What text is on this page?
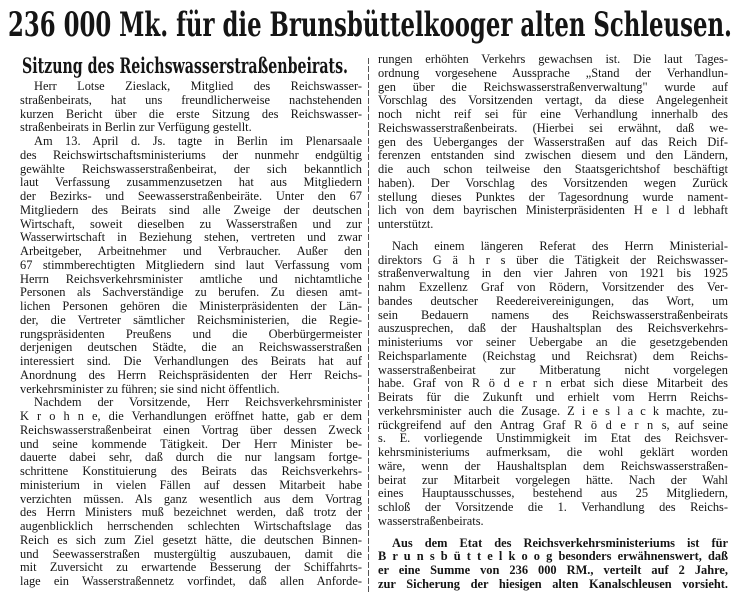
236 000 Mk. für die Brunsbüttelkooger alten Schleusen.
Sitzung des Reichswasserstraßenbeirats.
Herr Lotse Zieslack, Mitglied des Reichswasser-
straßenbeirats, hat uns freundlicherweise nachstehenden
kurzen Bericht über die erste Sitzung des Reichswasser-
straßenbeirats in Berlin zur Verfügung gestellt.
Am 13. April d. Js. tagte in Berlin im Plenarsaale
des Reichswirtschaftsministeriums der nunmehr endgültig
gewählte Reichswasserstraßenbeirat, der sich bekanntlich
laut Verfassung zusammenzusetzen hat aus Mitgliedern
der Bezirks- und Seewasserstraßenbeiräte. Unter den 67
Mitgliedern des Beirats sind alle Zweige der deutschen
Wirtschaft, soweit dieselben zu Wasserstraßen und zur
Wasserwirtschaft in Beziehung stehen, vertreten und zwar
Arbeitgeber, Arbeitnehmer und Verbraucher. Außer den
67 stimmberechtigten Mitgliedern sind laut Verfassung vom
Herrn Reichsverkehrsminister amtliche und nichtamtliche
Personen als Sachverständige zu berufen. Zu diesen amt-
lichen Personen gehören die Ministerpräsidenten der Län-
der, die Vertreter sämtlicher Reichsministerien, die Regie-
rungspräsidenten Preußens und die Oberbürgermeister
derjenigen deutschen Städte, die an Reichswasserstraßen
interessiert sind. Die Verhandlungen des Beirats hat auf
Anordnung des Herrn Reichspräsidenten der Herr Reichs-
verkehrsminister zu führen; sie sind nicht öffentlich.
Nachdem der Vorsitzende, Herr Reichsverkehrsminister
K r o h n e, die Verhandlungen eröffnet hatte, gab er dem
Reichswasserstraßenbeirat einen Vortrag über dessen Zweck
und seine kommende Tätigkeit. Der Herr Minister be-
dauerte dabei sehr, daß durch die nur langsam fortge-
schrittene Konstituierung des Beirats das Reichsverkehrs-
ministerium in vielen Fällen auf dessen Mitarbeit habe
verzichten müssen. Als ganz wesentlich aus dem Vortrag
des Herrn Ministers muß bezeichnet werden, daß trotz der
augenblicklich herrschenden schlechten Wirtschaftslage das
Reich es sich zum Ziel gesetzt hätte, die deutschen Binnen-
und Seewasserstraßen mustergültig auszubauen, damit die
mit Zuversicht zu erwartende Besserung der Schiffahrts-
lage ein Wasserstraßennetz vorfindet, daß allen Anforde-
rungen erhöhten Verkehrs gewachsen ist. Die laut Tages-
ordnung vorgesehene Aussprache „Stand der Verhandlun-
gen über die Reichswasserstraßenverwaltung" wurde auf
Vorschlag des Vorsitzenden vertagt, da diese Angelegenheit
noch nicht reif sei für eine Verhandlung innerhalb des
Reichswasserstraßenbeirats. (Hierbei sei erwähnt, daß we-
gen des Ueberganges der Wasserstraßen auf das Reich Dif-
ferenzen entstanden sind zwischen diesem und den Ländern,
die auch schon teilweise den Staatsgerichtshof beschäftigt
haben). Der Vorschlag des Vorsitzenden wegen Zurück
stellung dieses Punktes der Tagesordnung wurde nament-
lich von dem bayrischen Ministerpräsidenten H e l d lebhaft
unterstützt.
Nach einem längeren Referat des Herrn Ministerial-
direktors G ä h r s über die Tätigkeit der Reichswasser-
straßenverwaltung in den vier Jahren von 1921 bis 1925
nahm Exzellenz Graf von Rödern, Vorsitzender des Ver-
bandes deutscher Reedereivereinigungen, das Wort, um
sein Bedauern namens des Reichswasserstraßenbeirats
auszusprechen, daß der Haushaltsplan des Reichsverkehrs-
ministeriums vor seiner Uebergabe an die gesetzgebenden
Reichsparlamente (Reichstag und Reichsrat) dem Reichs-
wasserstraßenbeirat zur Mitberatung nicht vorgelegen
habe. Graf von R ö d e r n erbat sich diese Mitarbeit des
Beirats für die Zukunft und erhielt vom Herrn Reichs-
verkehrsminister auch die Zusage. Z i e s l a c k machte, zu-
rückgreifend auf den Antrag Graf R ö d e r n s, auf seine
s. E. vorliegende Unstimmigkeit im Etat des Reichsver-
kehrsministeriums aufmerksam, die wohl geklärt worden
wäre, wenn der Haushaltsplan dem Reichswasserstraßen-
beirat zur Mitarbeit vorgelegen hätte. Nach der Wahl
eines Hauptausschusses, bestehend aus 25 Mitgliedern,
schloß der Vorsitzende die 1. Verhandlung des Reichs-
wasserstraßenbeirats.
Aus dem Etat des Reichsverkehrsministeriums ist für
B r u n s b ü t t e l k o o g besonders erwähnenswert, daß
er eine Summe von 236 000 RM., verteilt auf 2 Jahre,
zur Sicherung der hiesigen alten Kanalschleusen vorsieht.
